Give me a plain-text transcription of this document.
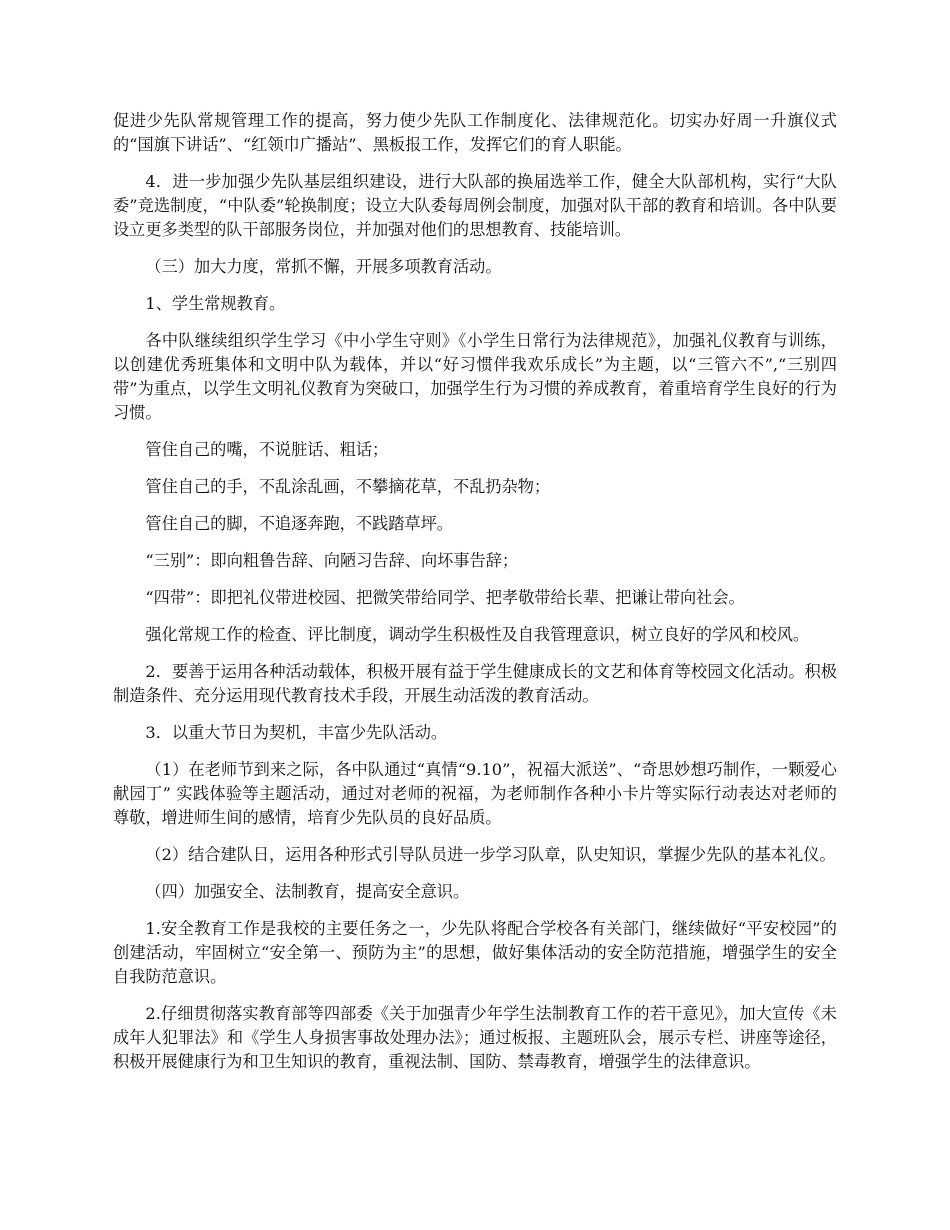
促进少先队常规管理工作的提高，努力使少先队工作制度化、法律规范化。切实办好周一升旗仪式的“国旗下讲话”、“红领巾广播站”、黑板报工作，发挥它们的育人职能。

4．进一步加强少先队基层组织建设，进行大队部的换届选举工作，健全大队部机构，实行“大队委”竞选制度，“中队委”轮换制度；设立大队委每周例会制度，加强对队干部的教育和培训。各中队要设立更多类型的队干部服务岗位，并加强对他们的思想教育、技能培训。

（三）加大力度，常抓不懈，开展多项教育活动。

1、学生常规教育。

各中队继续组织学生学习《中小学生守则》《小学生日常行为法律规范》，加强礼仪教育与训练，以创建优秀班集体和文明中队为载体，并以“好习惯伴我欢乐成长”为主题，以“三管六不”,“三别四带”为重点，以学生文明礼仪教育为突破口，加强学生行为习惯的养成教育，着重培育学生良好的行为习惯。

管住自己的嘴，不说脏话、粗话；

管住自己的手，不乱涂乱画，不攀摘花草，不乱扔杂物；

管住自己的脚，不追逐奔跑，不践踏草坪。

“三别”：即向粗鲁告辞、向陋习告辞、向坏事告辞；

“四带”：即把礼仪带进校园、把微笑带给同学、把孝敬带给长辈、把谦让带向社会。

强化常规工作的检查、评比制度，调动学生积极性及自我管理意识，树立良好的学风和校风。

2．要善于运用各种活动载体，积极开展有益于学生健康成长的文艺和体育等校园文化活动。积极制造条件、充分运用现代教育技术手段，开展生动活泼的教育活动。

3．以重大节日为契机，丰富少先队活动。

（1）在老师节到来之际，各中队通过“真情“9.10”，祝福大派送”、“奇思妙想巧制作，一颗爱心献园丁” 实践体验等主题活动，通过对老师的祝福，为老师制作各种小卡片等实际行动表达对老师的尊敬，增进师生间的感情，培育少先队员的良好品质。

（2）结合建队日，运用各种形式引导队员进一步学习队章，队史知识，掌握少先队的基本礼仪。

（四）加强安全、法制教育，提高安全意识。

1.安全教育工作是我校的主要任务之一，少先队将配合学校各有关部门，继续做好“平安校园”的创建活动，牢固树立“安全第一、预防为主”的思想，做好集体活动的安全防范措施，增强学生的安全自我防范意识。

2.仔细贯彻落实教育部等四部委《关于加强青少年学生法制教育工作的若干意见》，加大宣传《未成年人犯罪法》和《学生人身损害事故处理办法》；通过板报、主题班队会，展示专栏、讲座等途径，积极开展健康行为和卫生知识的教育，重视法制、国防、禁毒教育，增强学生的法律意识。
